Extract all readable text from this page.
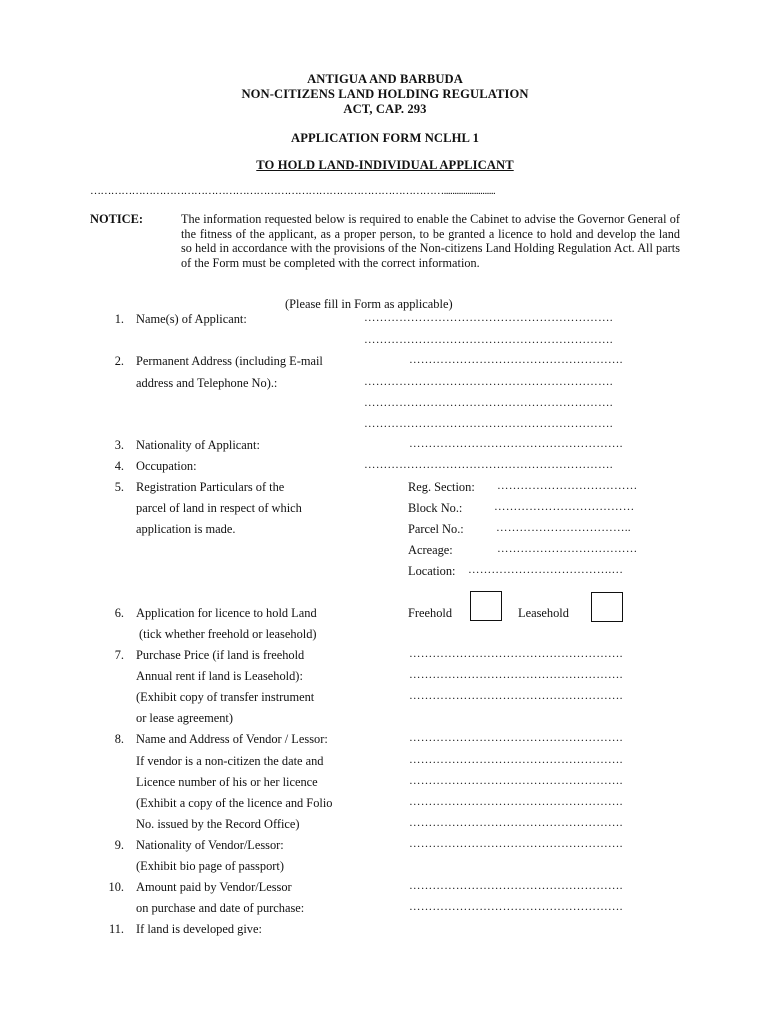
ANTIGUA AND BARBUDA
NON-CITIZENS LAND HOLDING REGULATION
ACT, CAP. 293
APPLICATION FORM NCLHL 1
TO HOLD LAND-INDIVIDUAL APPLICANT
…………………………………………………………………………………………........................
NOTICE:	The information requested below is required to enable the Cabinet to advise the Governor General of the fitness of the applicant, as a proper person, to be granted a licence to hold and develop the land so held in accordance with the provisions of the Non-citizens Land Holding Regulation Act. All parts of the Form must be completed with the correct information.
(Please fill in Form as applicable)
1. Name(s) of Applicant:	……………………………………………………….
……………………………………………………….
2. Permanent Address (including E-mail	……………………………………………….
address and Telephone No).:	……………………………………………………….
……………………………………………………….
……………………………………………………….
3. Nationality of Applicant:	……………………………………………….
4. Occupation:	……………………………………………………….
5. Registration Particulars of the
parcel of land in respect of which
application is made.
Reg. Section: ………………………………
Block No.:	………………………………
Parcel No.:	……………………………..
Acreage:	………………………………
Location: ……………………………….…
6. Application for licence to hold Land
(tick whether freehold or leasehold)
Freehold	Leasehold
7. Purchase Price (if land is freehold	……………………………………………….
Annual rent if land is Leasehold):	……………………………………………….
(Exhibit copy of transfer instrument	……………………………………………….
or lease agreement)
8. Name and Address of Vendor / Lessor:	……………………………………………….
If vendor is a non-citizen the date and	……………………………………………….
Licence number of his or her licence	……………………………………………….
(Exhibit a copy of the licence and Folio	……………………………………………….
No. issued by the Record Office)	……………………………………………….
9. Nationality of Vendor/Lessor:	……………………………………………….
(Exhibit bio page of passport)
10. Amount paid by Vendor/Lessor	……………………………………………….
on purchase and date of purchase:	……………………………………………….
11. If land is developed give:
